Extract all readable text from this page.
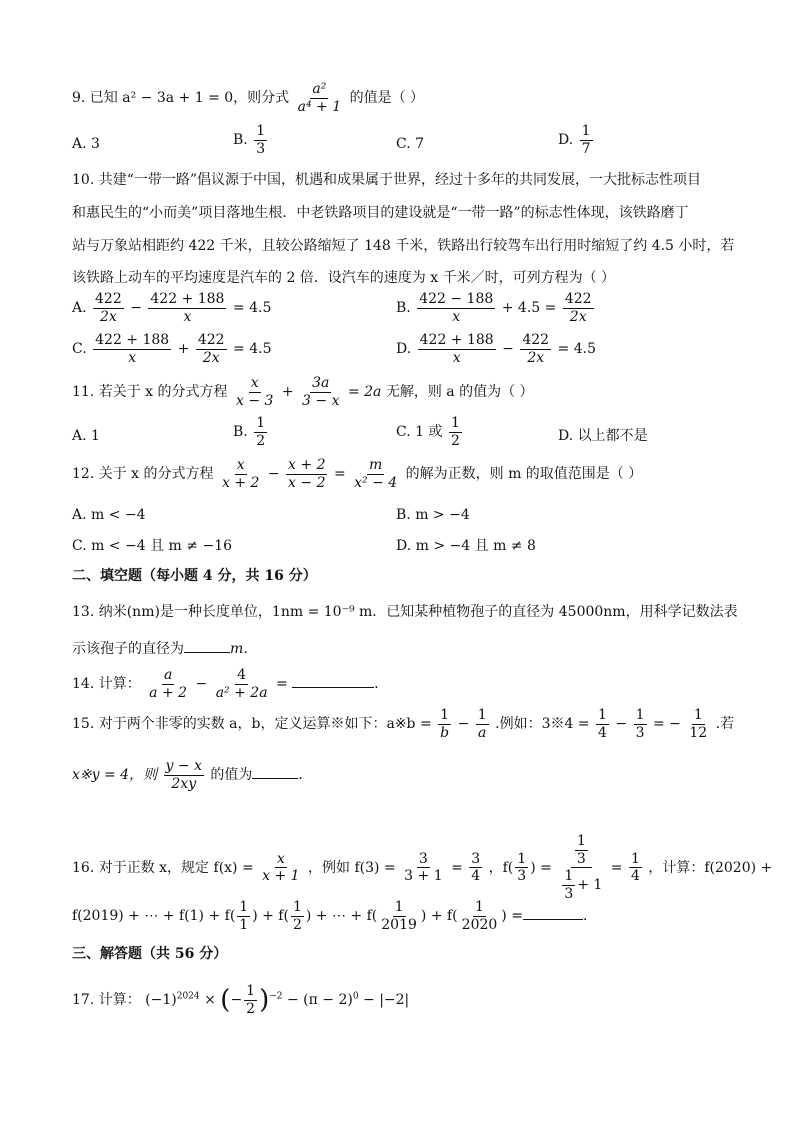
9. 已知 a² − 3a + 1 = 0，则分式 $\frac{\text{a²}}{\text{a⁴ + 1}}$ 的值是（ ）
A. 3	B. $\frac{1}{3}$	C. 7	D. $\frac{1}{7}$
10. 共建“一带一路”倡议源于中国，机遇和成果属于世界，经过十多年的共同发展，一大批标志性项目
和惠民生的“小而美”项目落地生根．中老铁路项目的建设就是“一带一路”的标志性体现，该铁路磨丁
站与万象站相距约 422 千米，且较公路缩短了 148 千米，铁路出行较驾车出行用时缩短了约 4.5 小时，若
该铁路上动车的平均速度是汽车的 2 倍．设汽车的速度为 x 千米／时，可列方程为（ ）
A. $\frac{422}{2x} - \frac{422 + 188}{x} = 4.5$	B. $\frac{422 - 188}{x} + 4.5 = \frac{422}{2x}$
C. $\frac{422 + 188}{x} + \frac{422}{2x} = 4.5$	D. $\frac{422 + 188}{x} - \frac{422}{2x} = 4.5$
11. 若关于 x 的分式方程 $\frac{x}{x - 3} + \frac{3a}{3 - x} = 2a$ 无解，则 a 的值为（ ）
A. 1	B. $\frac{1}{2}$	C. 1 或 $\frac{1}{2}$	D. 以上都不是
12. 关于 x 的分式方程 $\frac{x}{x + 2} - \frac{x + 2}{x - 2} = \frac{m}{\text{x² − 4}}$ 的解为正数，则 m 的取值范围是（ ）
A. m < −4	B. m > −4
C. m < −4 且 m ≠ −16	D. m > −4 且 m ≠ 8
二、填空题（每小题 4 分，共 16 分）
13. 纳米(nm)是一种长度单位，1nm = 10⁻⁹ m．已知某种植物孢子的直径为 45000nm，用科学记数法表
示该孢子的直径为	m．
14. 计算： $\frac{a}{a + 2} - \frac{4}{\text{a² + 2a}}$ =	．
15. 对于两个非零的实数 a，b，定义运算※如下：a※b = $\frac{1}{b} - \frac{1}{a}$ .例如：3※4 = $\frac{1}{4} - \frac{1}{3}$ = − $\frac{1}{12}$ .若
x※y = 4，则 $\frac{y - x}{2xy}$ 的值为	．
16. 对于正数 x，规定 $f(x) = \frac{x}{x + 1}$ ，例如 $f(3) = \frac{3}{3 + 1} = \frac{3}{4}$ ，$f( \frac{1}{3}$ ) = $\frac{\frac{1}{3}}{\frac{1}{3} + 1} = \frac{1}{4}$ ，计算：f(2020) +
f(2019) + ⋯ + $f(1) + f( \frac{1}{1}$ ) + $f( \frac{1}{2}$ ) + ⋯ + $f( \frac{1}{2019}$ ) + $f( \frac{1}{2020}$ ) =	．
三、解答题（共 56 分）
17. 计算： $(-1)^{2024}$ × (− $\frac{1}{2} )^{-2} - (\pi - 2)^0 - |-2|$
